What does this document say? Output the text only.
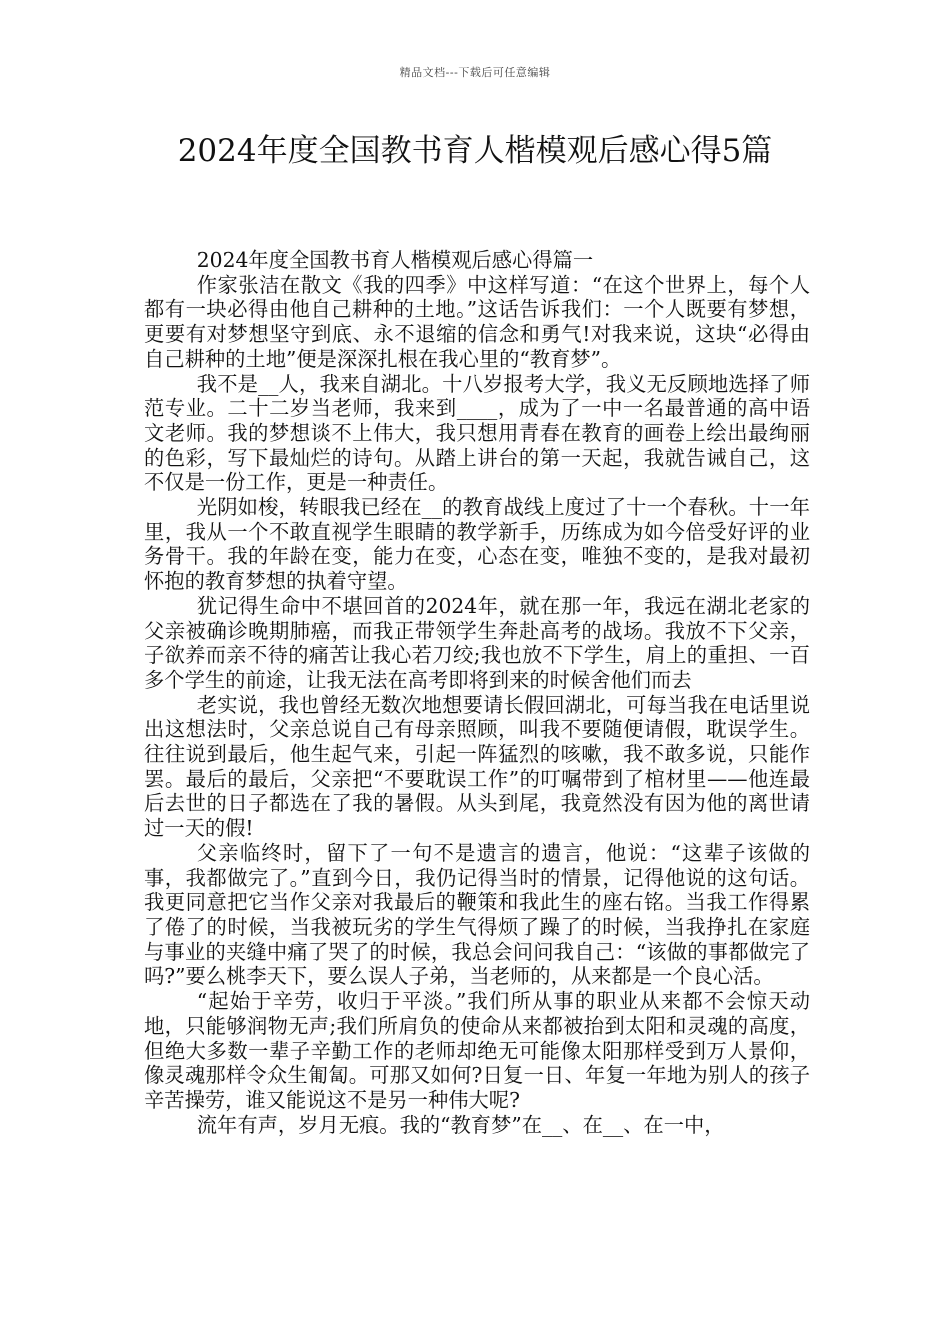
精品文档---下载后可任意编辑
2024年度全国教书育人楷模观后感心得5篇

2024年度全国教书育人楷模观后感心得篇一

作家张洁在散文《我的四季》中这样写道：“在这个世界上，每个人都有一块必得由他自己耕种的土地。”这话告诉我们：一个人既要有梦想，更要有对梦想坚守到底、永不退缩的信念和勇气!对我来说，这块“必得由自己耕种的土地”便是深深扎根在我心里的“教育梦”。

我不是__人，我来自湖北。十八岁报考大学，我义无反顾地选择了师范专业。二十二岁当老师，我来到____，成为了一中一名最普通的高中语文老师。我的梦想谈不上伟大，我只想用青春在教育的画卷上绘出最绚丽的色彩，写下最灿烂的诗句。从踏上讲台的第一天起，我就告诫自己，这不仅是一份工作，更是一种责任。

光阴如梭，转眼我已经在__的教育战线上度过了十一个春秋。十一年里，我从一个不敢直视学生眼睛的教学新手，历练成为如今倍受好评的业务骨干。我的年龄在变，能力在变，心态在变，唯独不变的，是我对最初怀抱的教育梦想的执着守望。

犹记得生命中不堪回首的2024年，就在那一年，我远在湖北老家的父亲被确诊晚期肺癌，而我正带领学生奔赴高考的战场。我放不下父亲，子欲养而亲不待的痛苦让我心若刀绞;我也放不下学生，肩上的重担、一百多个学生的前途，让我无法在高考即将到来的时候舍他们而去

老实说，我也曾经无数次地想要请长假回湖北，可每当我在电话里说出这想法时，父亲总说自己有母亲照顾，叫我不要随便请假，耽误学生。往往说到最后，他生起气来，引起一阵猛烈的咳嗽，我不敢多说，只能作罢。最后的最后，父亲把“不要耽误工作”的叮嘱带到了棺材里——他连最后去世的日子都选在了我的暑假。从头到尾，我竟然没有因为他的离世请过一天的假!

父亲临终时，留下了一句不是遗言的遗言，他说：“这辈子该做的事，我都做完了。”直到今日，我仍记得当时的情景，记得他说的这句话。我更同意把它当作父亲对我最后的鞭策和我此生的座右铭。当我工作得累了倦了的时候，当我被玩劣的学生气得烦了躁了的时候，当我挣扎在家庭与事业的夹缝中痛了哭了的时候，我总会问问我自己：“该做的事都做完了吗?”要么桃李天下，要么误人子弟，当老师的，从来都是一个良心活。

“起始于辛劳，收归于平淡。”我们所从事的职业从来都不会惊天动地，只能够润物无声;我们所肩负的使命从来都被抬到太阳和灵魂的高度，但绝大多数一辈子辛勤工作的老师却绝无可能像太阳那样受到万人景仰，像灵魂那样令众生匍匐。可那又如何?日复一日、年复一年地为别人的孩子辛苦操劳，谁又能说这不是另一种伟大呢?

流年有声，岁月无痕。我的“教育梦”在__、在__、在一中，
